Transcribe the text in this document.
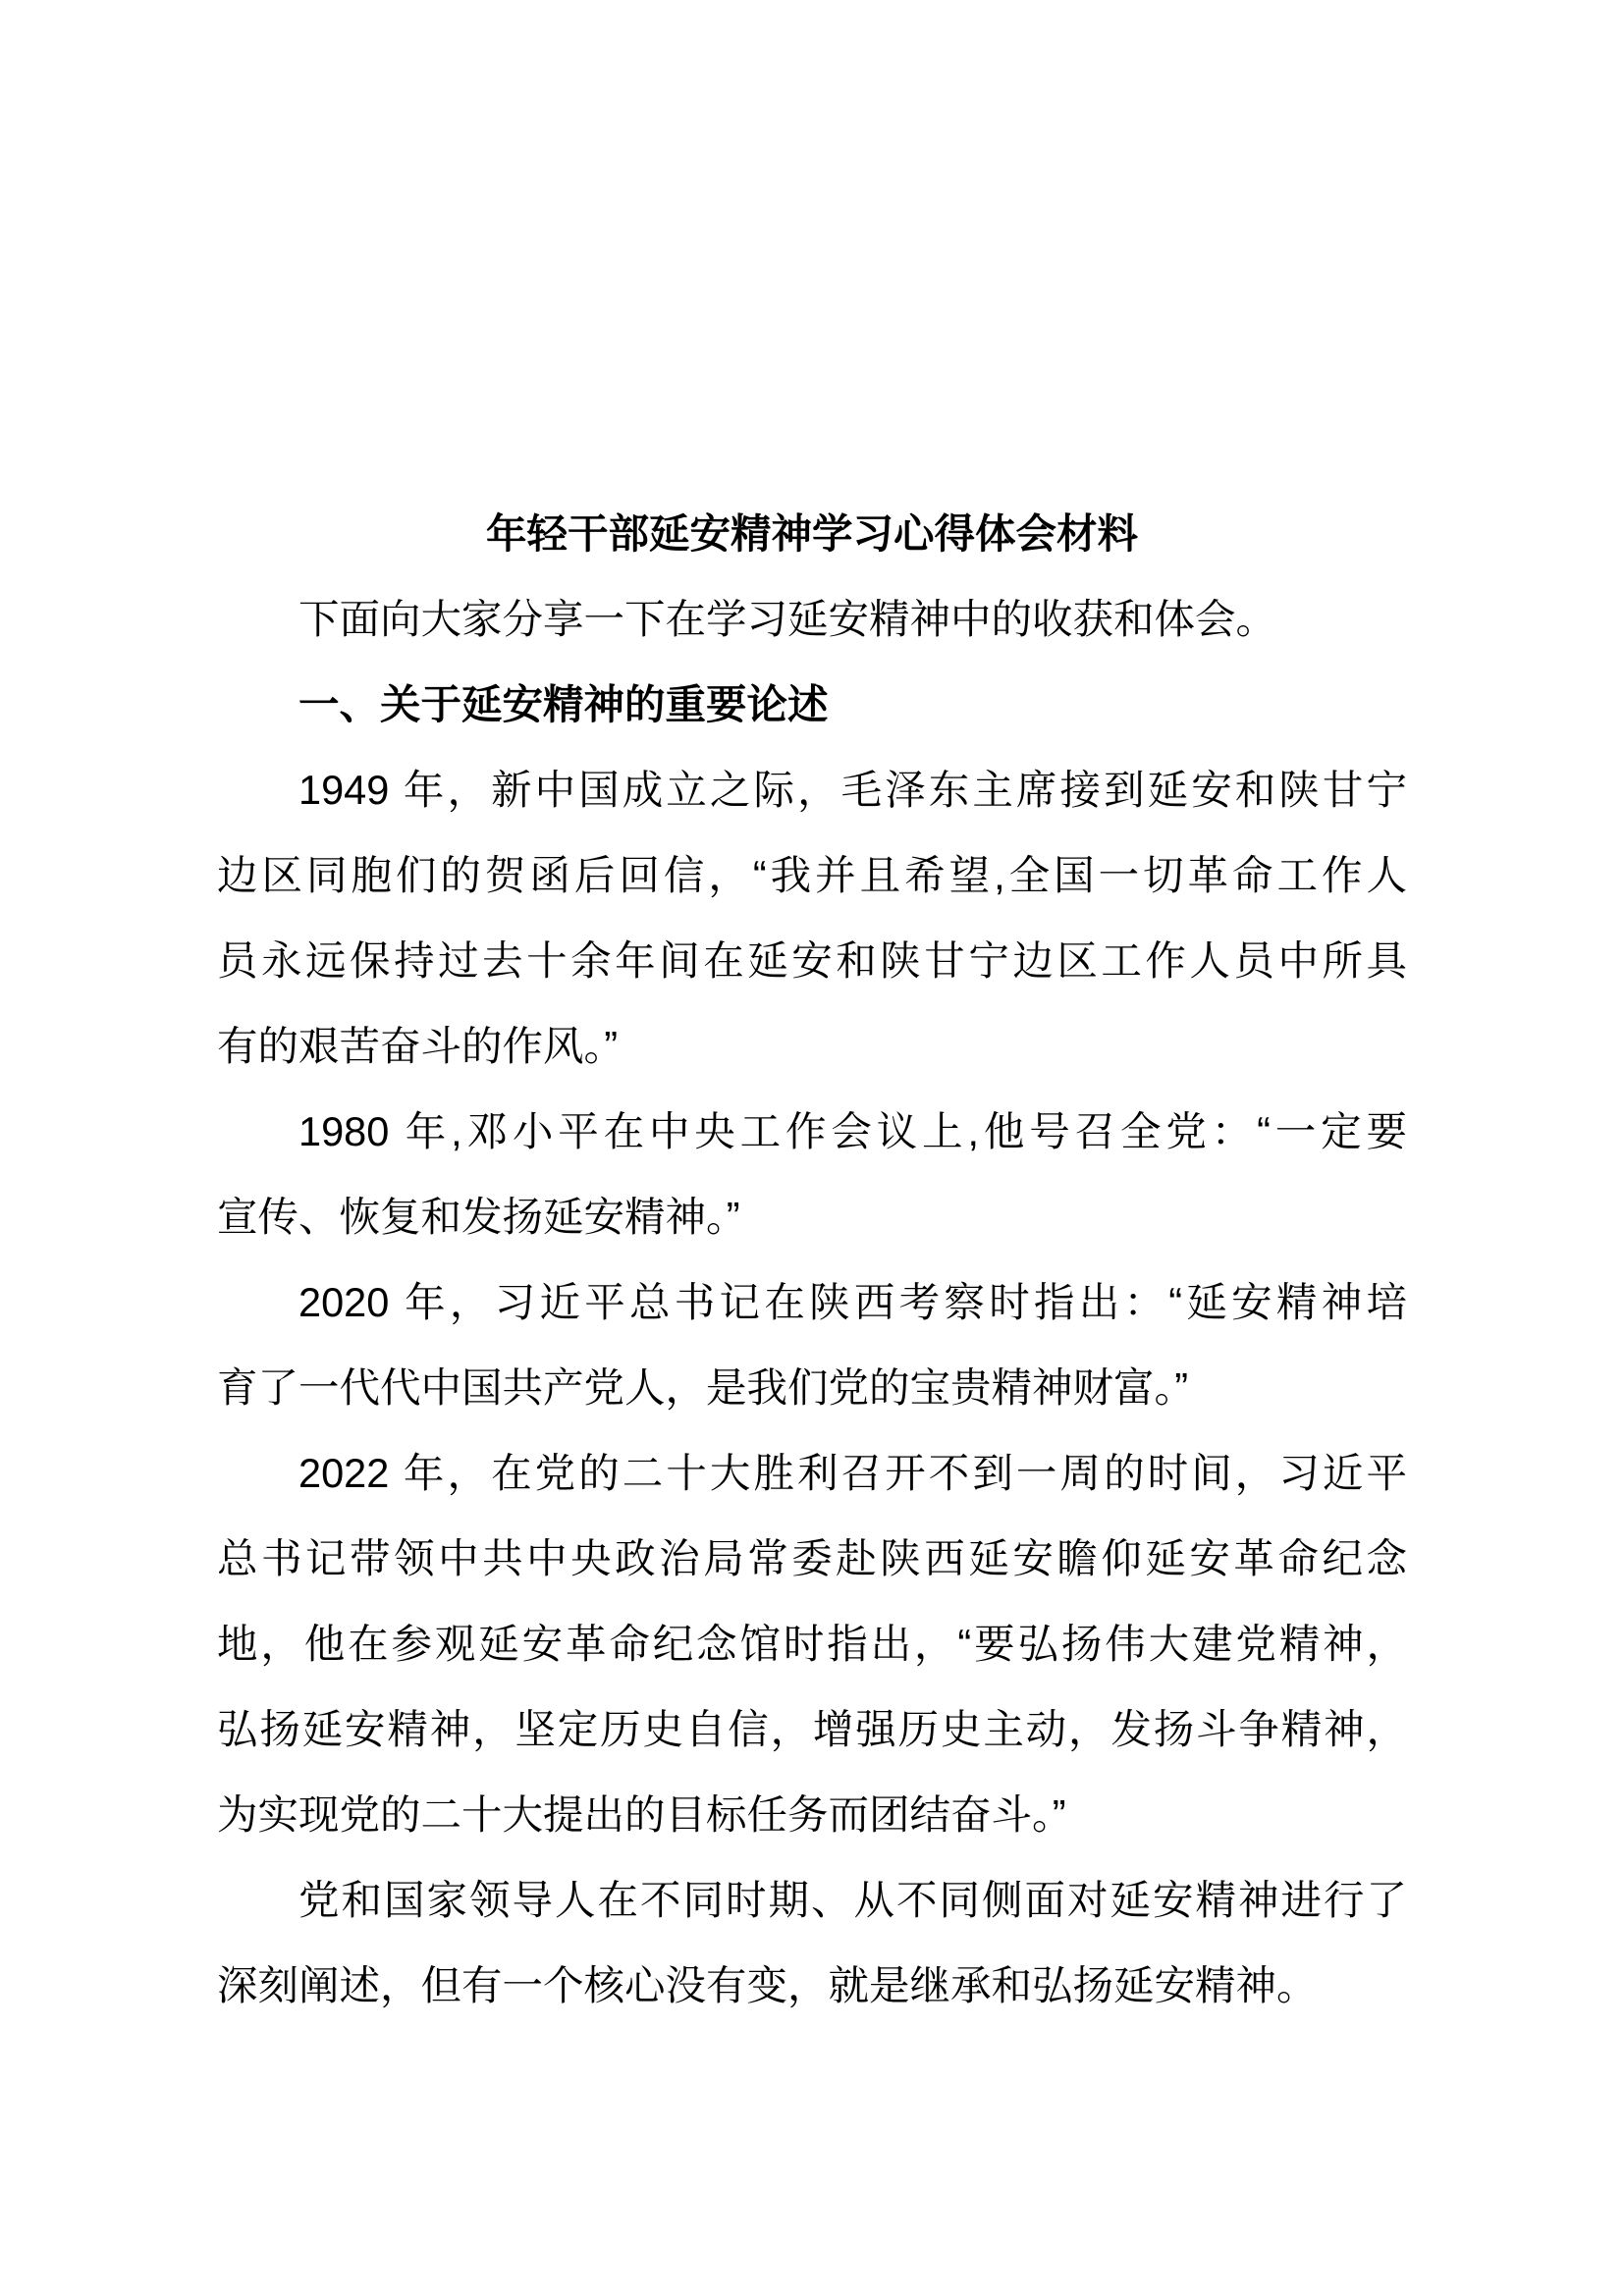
年轻干部延安精神学习心得体会材料
下面向大家分享一下在学习延安精神中的收获和体会。
一、关于延安精神的重要论述
1949 年，新中国成立之际，毛泽东主席接到延安和陕甘宁
边区同胞们的贺函后回信，“我并且希望,全国一切革命工作人
员永远保持过去十余年间在延安和陕甘宁边区工作人员中所具
有的艰苦奋斗的作风。”
1980 年,邓小平在中央工作会议上,他号召全党：“一定要
宣传、恢复和发扬延安精神。”
2020 年，习近平总书记在陕西考察时指出：“延安精神培
育了一代代中国共产党人，是我们党的宝贵精神财富。”
2022 年，在党的二十大胜利召开不到一周的时间，习近平
总书记带领中共中央政治局常委赴陕西延安瞻仰延安革命纪念
地，他在参观延安革命纪念馆时指出，“要弘扬伟大建党精神，
弘扬延安精神，坚定历史自信，增强历史主动，发扬斗争精神，
为实现党的二十大提出的目标任务而团结奋斗。”
党和国家领导人在不同时期、从不同侧面对延安精神进行了
深刻阐述，但有一个核心没有变，就是继承和弘扬延安精神。
